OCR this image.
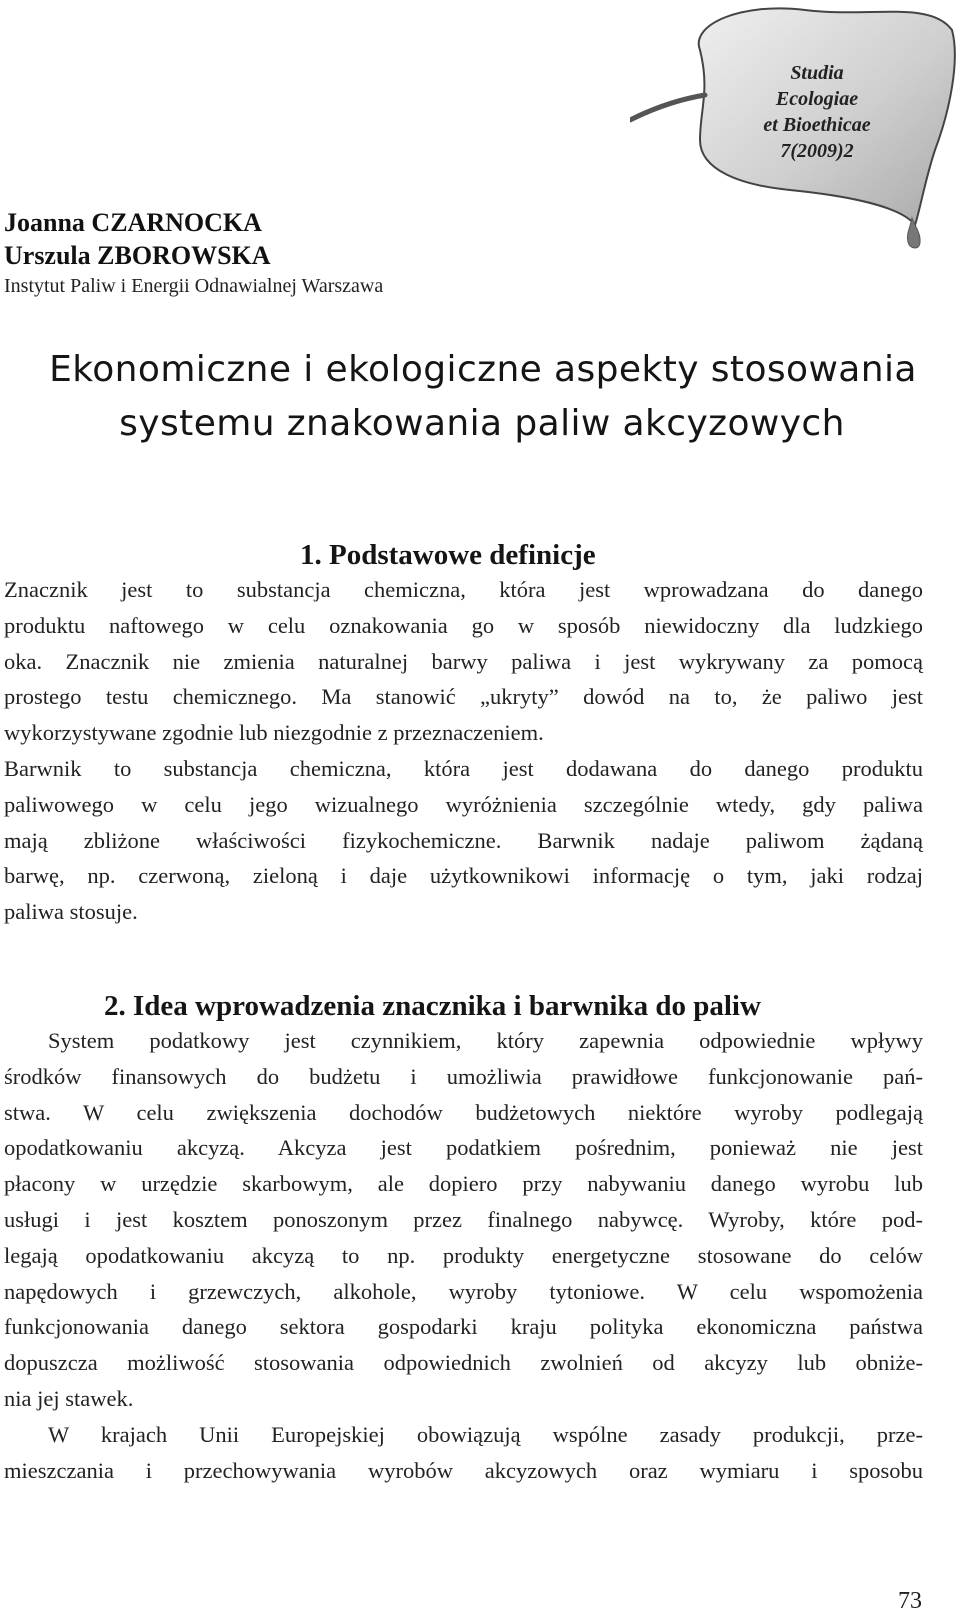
Studia
Ecologiae
et Bioethicae
7(2009)2
Joanna CZARNOCKA
Urszula ZBOROWSKA
Instytut Paliw i Energii Odnawialnej Warszawa
Ekonomiczne i ekologiczne aspekty stosowania
systemu znakowania paliw akcyzowych
1. Podstawowe definicje
Znacznik jest to substancja chemiczna, która jest wprowadzana do danego
produktu naftowego w celu oznakowania go w sposób niewidoczny dla ludzkiego
oka. Znacznik nie zmienia naturalnej barwy paliwa i jest wykrywany za pomocą
prostego testu chemicznego. Ma stanowić „ukryty” dowód na to, że paliwo jest
wykorzystywane zgodnie lub niezgodnie z przeznaczeniem.
Barwnik to substancja chemiczna, która jest dodawana do danego produktu
paliwowego w celu jego wizualnego wyróżnienia szczególnie wtedy, gdy paliwa
mają zbliżone właściwości fizykochemiczne. Barwnik nadaje paliwom żądaną
barwę, np. czerwoną, zieloną i daje użytkownikowi informację o tym, jaki rodzaj
paliwa stosuje.
2. Idea wprowadzenia znacznika i barwnika do paliw
System podatkowy jest czynnikiem, który zapewnia odpowiednie wpływy
środków finansowych do budżetu i umożliwia prawidłowe funkcjonowanie pań-
stwa. W celu zwiększenia dochodów budżetowych niektóre wyroby podlegają
opodatkowaniu akcyzą. Akcyza jest podatkiem pośrednim, ponieważ nie jest
płacony w urzędzie skarbowym, ale dopiero przy nabywaniu danego wyrobu lub
usługi i jest kosztem ponoszonym przez finalnego nabywcę. Wyroby, które pod-
legają opodatkowaniu akcyzą to np. produkty energetyczne stosowane do celów
napędowych i grzewczych, alkohole, wyroby tytoniowe. W celu wspomożenia
funkcjonowania danego sektora gospodarki kraju polityka ekonomiczna państwa
dopuszcza możliwość stosowania odpowiednich zwolnień od akcyzy lub obniże-
nia jej stawek.
W krajach Unii Europejskiej obowiązują wspólne zasady produkcji, prze-
mieszczania i przechowywania wyrobów akcyzowych oraz wymiaru i sposobu
73
